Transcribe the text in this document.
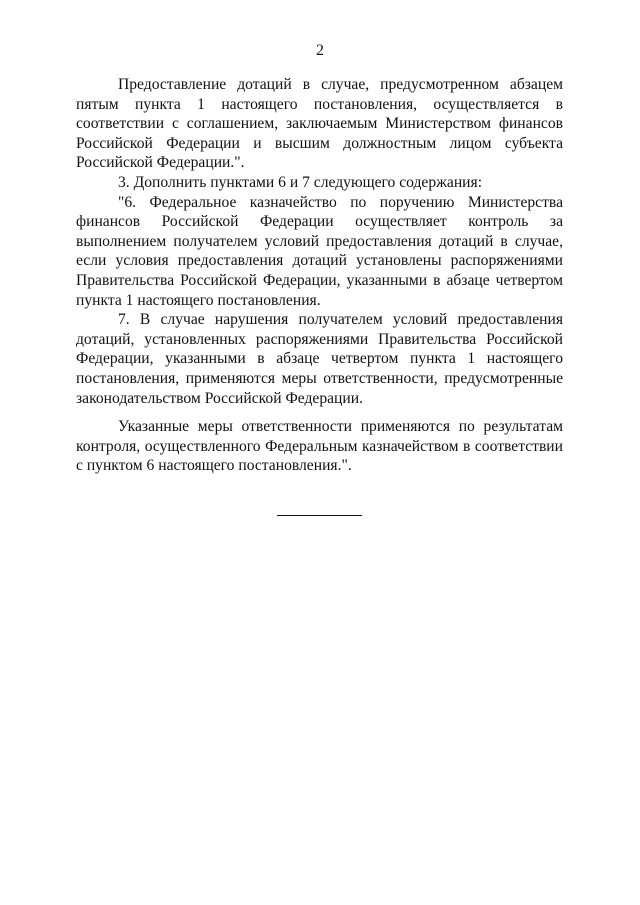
2

Предоставление дотаций в случае, предусмотренном абзацем пятым пункта 1 настоящего постановления, осуществляется в соответствии с соглашением, заключаемым Министерством финансов Российской Федерации и высшим должностным лицом субъекта Российской Федерации.".

3. Дополнить пунктами 6 и 7 следующего содержания:

"6. Федеральное казначейство по поручению Министерства финансов Российской Федерации осуществляет контроль за выполнением получателем условий предоставления дотаций в случае, если условия предоставления дотаций установлены распоряжениями Правительства Российской Федерации, указанными в абзаце четвертом пункта 1 настоящего постановления.

7. В случае нарушения получателем условий предоставления дотаций, установленных распоряжениями Правительства Российской Федерации, указанными в абзаце четвертом пункта 1 настоящего постановления, применяются меры ответственности, предусмотренные законодательством Российской Федерации.

Указанные меры ответственности применяются по результатам контроля, осуществленного Федеральным казначейством в соответствии с пунктом 6 настоящего постановления.".
